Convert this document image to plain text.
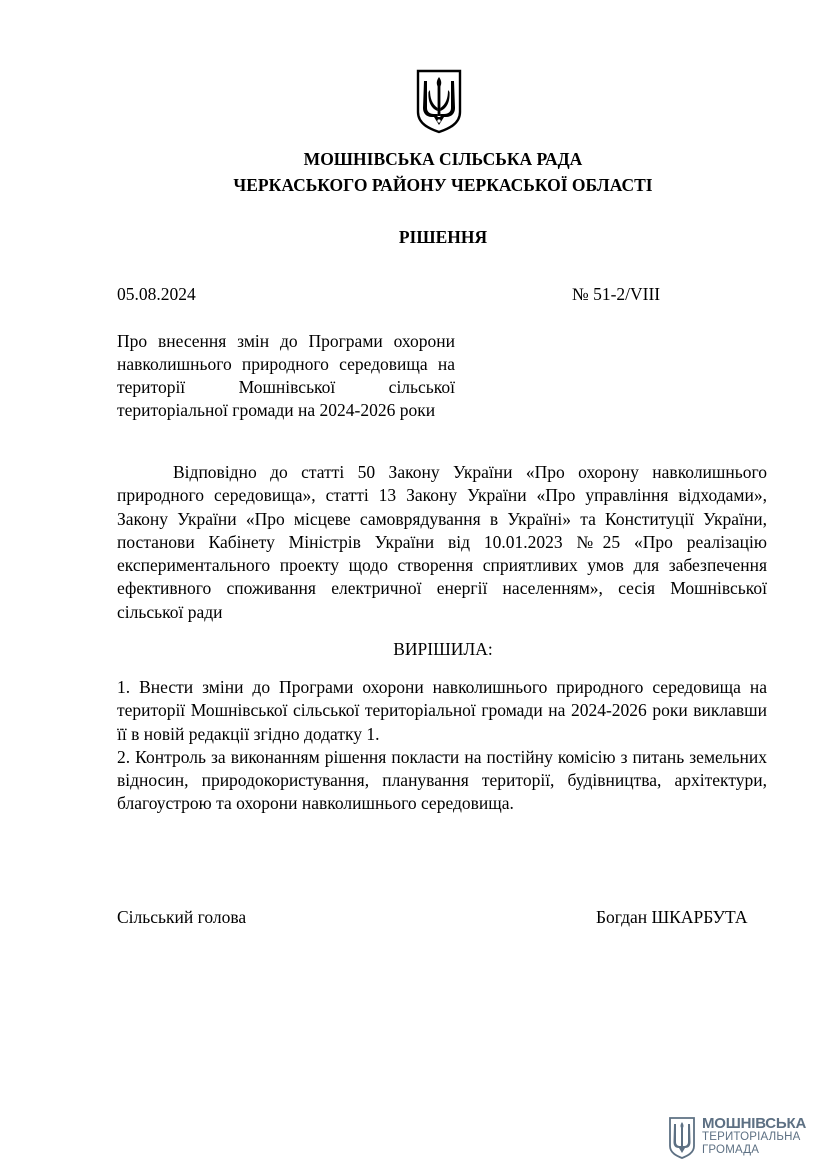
МОШНІВСЬКА СІЛЬСЬКА РАДА

ЧЕРКАСЬКОГО РАЙОНУ ЧЕРКАСЬКОЇ ОБЛАСТІ

РІШЕННЯ

05.08.2024	№ 51-2/VIII

Про внесення змін до Програми охорони навколишнього природного середовища на території Мошнівської сільської територіальної громади на 2024-2026 роки

Відповідно до статті 50 Закону України «Про охорону навколишнього природного середовища», статті 13 Закону України «Про управління відходами», Закону України «Про місцеве самоврядування в Україні» та Конституції України, постанови Кабінету Міністрів України від 10.01.2023 №25 «Про реалізацію експериментального проекту щодо створення сприятливих умов для забезпечення ефективного споживання електричної енергії населенням», сесія Мошнівської сільської ради

ВИРІШИЛА:

1. Внести зміни до Програми охорони навколишнього природного середовища на території Мошнівської сільської територіальної громади на 2024-2026 роки виклавши її в новій редакції згідно додатку 1.
2. Контроль за виконанням рішення покласти на постійну комісію з питань земельних відносин, природокористування, планування території, будівництва, архітектури, благоустрою та охорони навколишнього середовища.
Сільський голова	Богдан ШКАРБУТА
МОШНІВСЬКА
ТЕРИТОРІАЛЬНА
ГРОМАДА
